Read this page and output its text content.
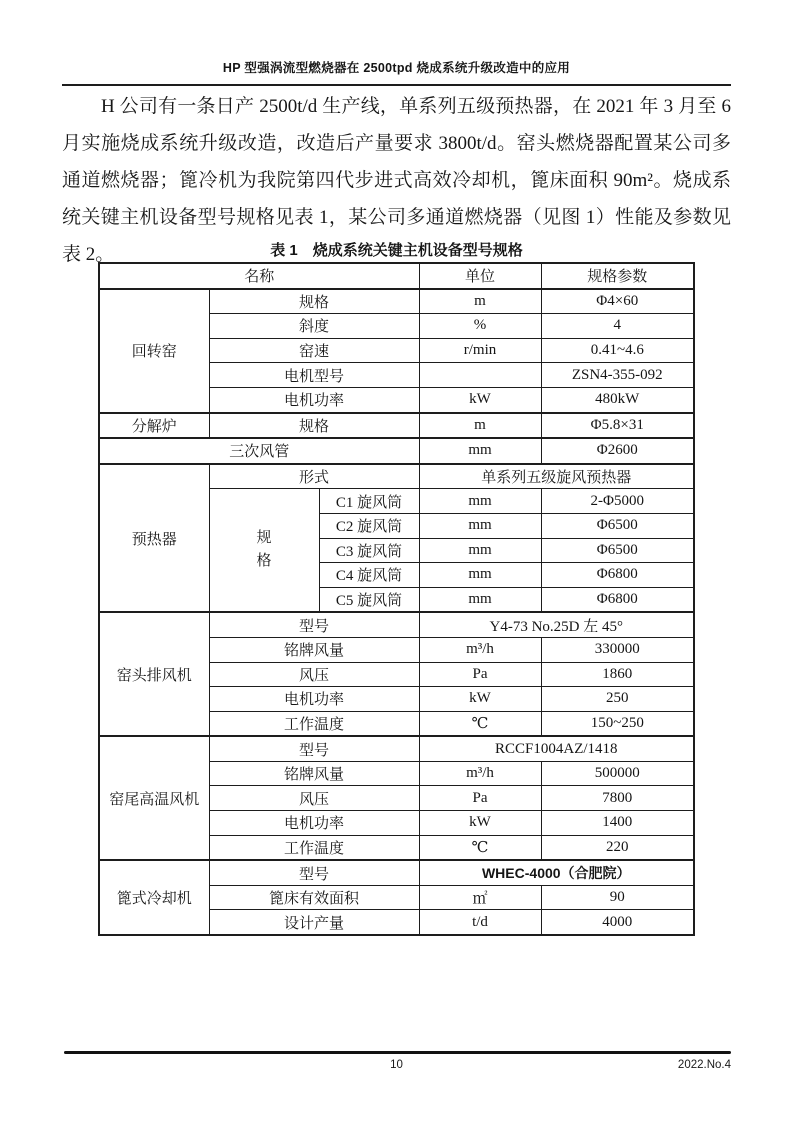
HP 型强涡流型燃烧器在 2500tpd 烧成系统升级改造中的应用
H 公司有一条日产 2500t/d 生产线，单系列五级预热器，在 2021 年 3 月至 6 月实施烧成系统升级改造，改造后产量要求 3800t/d。窑头燃烧器配置某公司多通道燃烧器；篦冷机为我院第四代步进式高效冷却机，篦床面积 90m²。烧成系统关键主机设备型号规格见表 1，某公司多通道燃烧器（见图 1）性能及参数见表 2。	表 1　烧成系统关键主机设备型号规格
名称			单位	规格参数
回转窑	规格		m	Φ4×60
	斜度		%	4
	窑速		r/min	0.41~4.6
	电机型号			ZSN4-355-092
	电机功率		kW	480kW
分解炉	规格		m	Φ5.8×31
三次风管			mm	Φ2600
预热器	形式		单系列五级旋风预热器	
	规格	C1 旋风筒	mm	2-Φ5000
		C2 旋风筒	mm	Φ6500
		C3 旋风筒	mm	Φ6500
		C4 旋风筒	mm	Φ6800
		C5 旋风筒	mm	Φ6800
窑头排风机	型号		Y4-73 No.25D 左 45°	
	铭牌风量		m³/h	330000
	风压		Pa	1860
	电机功率		kW	250
	工作温度		℃	150~250
窑尾高温风机	型号		RCCF1004AZ/1418	
	铭牌风量		m³/h	500000
	风压		Pa	7800
	电机功率		kW	1400
	工作温度		℃	220
篦式冷却机	型号		WHEC-4000（合肥院）	
	篦床有效面积		㎡	90
	设计产量		t/d	4000
10	2022.No.4
